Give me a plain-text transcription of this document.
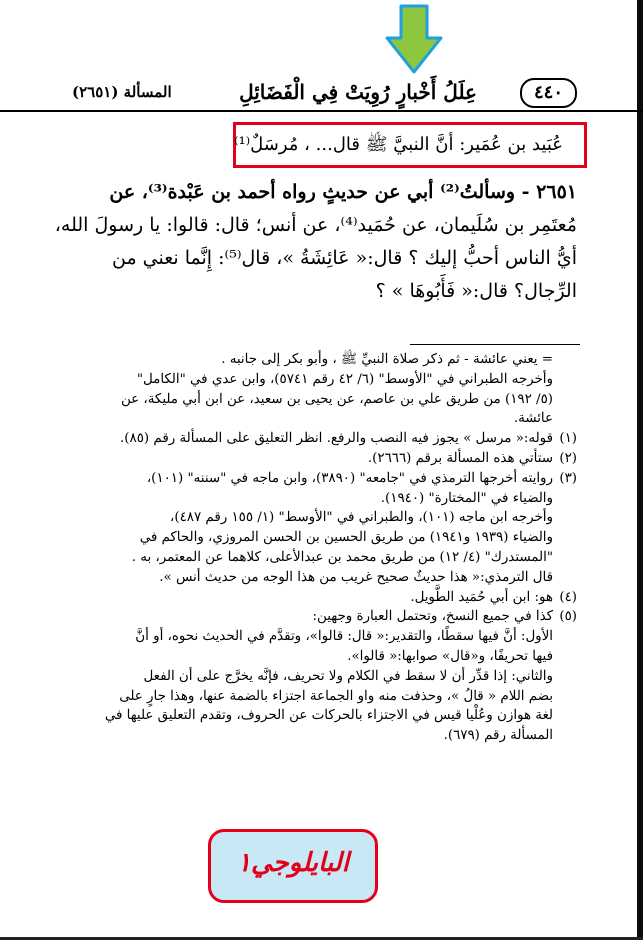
٤٤٠
عِلَلُ أَخْبارٍ رُوِيَتْ فِي الْفَضَائِلِ
المسألة (٢٦٥١)
عُبَيد بن عُمَير: أنَّ النبيَّ ﷺ قال... ، مُرسَلٌ⁽¹⁾
٢٦٥١ - وسألتُ⁽²⁾ أبي عن حديثٍ رواه أحمد بن عَبْدة⁽³⁾، عن
مُعتَمِر بن سُلَيمان، عن حُمَيد⁽⁴⁾، عن أنس؛ قال: قالوا: يا رسولَ الله،
أيُّ الناس أحبُّ إليك ؟ قال:« عَائِشَةُ »، قال⁽⁵⁾: إِنَّما نعني من
الرِّجال؟ قال:« فَأَبُوهَا » ؟
= يعني عائشة - ثم ذكر صلاة النبيِّ ﷺ ، وأبو بكر إلى جانبه .
وأخرجه الطبراني في "الأوسط" (٦/ ٤٢ رقم ٥٧٤١)، وابن عدي في "الكامل"
(٥/ ١٩٢) من طريق علي بن عاصم، عن يحيى بن سعيد، عن ابن أبي مليكة، عن
عائشة.
(١)قوله:« مرسل » يجوز فيه النصب والرفع. انظر التعليق على المسألة رقم (٨٥).
(٢)ستأتي هذه المسألة برقم (٢٦٦٦).
(٣)روايته أخرجها الترمذي في "جامعه" (٣٨٩٠)، وابن ماجه في "سننه" (١٠١)،
والضياء في "المختارة" (١٩٤٠).
وأخرجه ابن ماجه (١٠١)، والطبراني في "الأوسط" (١/ ١٥٥ رقم ٤٨٧)،
والضياء (١٩٣٩ و١٩٤١) من طريق الحسين بن الحسن المروزي، والحاكم في
"المستدرك" (٤/ ١٢) من طريق محمد بن عبدالأعلى، كلاهما عن المعتمر، به .
قال الترمذي:« هذا حديثٌ صحيح غريب من هذا الوجه من حديث أنس ».
(٤)هو: ابن أبي حُمَيد الطَّويل.
(٥)كذا في جميع النسخ، وتحتمل العبارة وجهين:
الأول: أنَّ فيها سقطًا، والتقدير:« قال: قالوا»، وتقدَّم في الحديث نحوه، أو أنَّ
فيها تحريفًا، و«قال» صوابها:« قالوا».
والثاني: إذا قدِّر أن لا سقط في الكلام ولا تحريف، فإنَّه يخرَّج على أن الفعل
بضم اللام « قالُ »، وحذفت منه واو الجماعة اجتزاء بالضمة عنها، وهذا جارٍ على
لغة هوازن وعُلْيا قيس في الاجتزاء بالحركات عن الحروف، وتقدم التعليق عليها في
المسألة رقم (٦٧٩).
البايلوجي١
